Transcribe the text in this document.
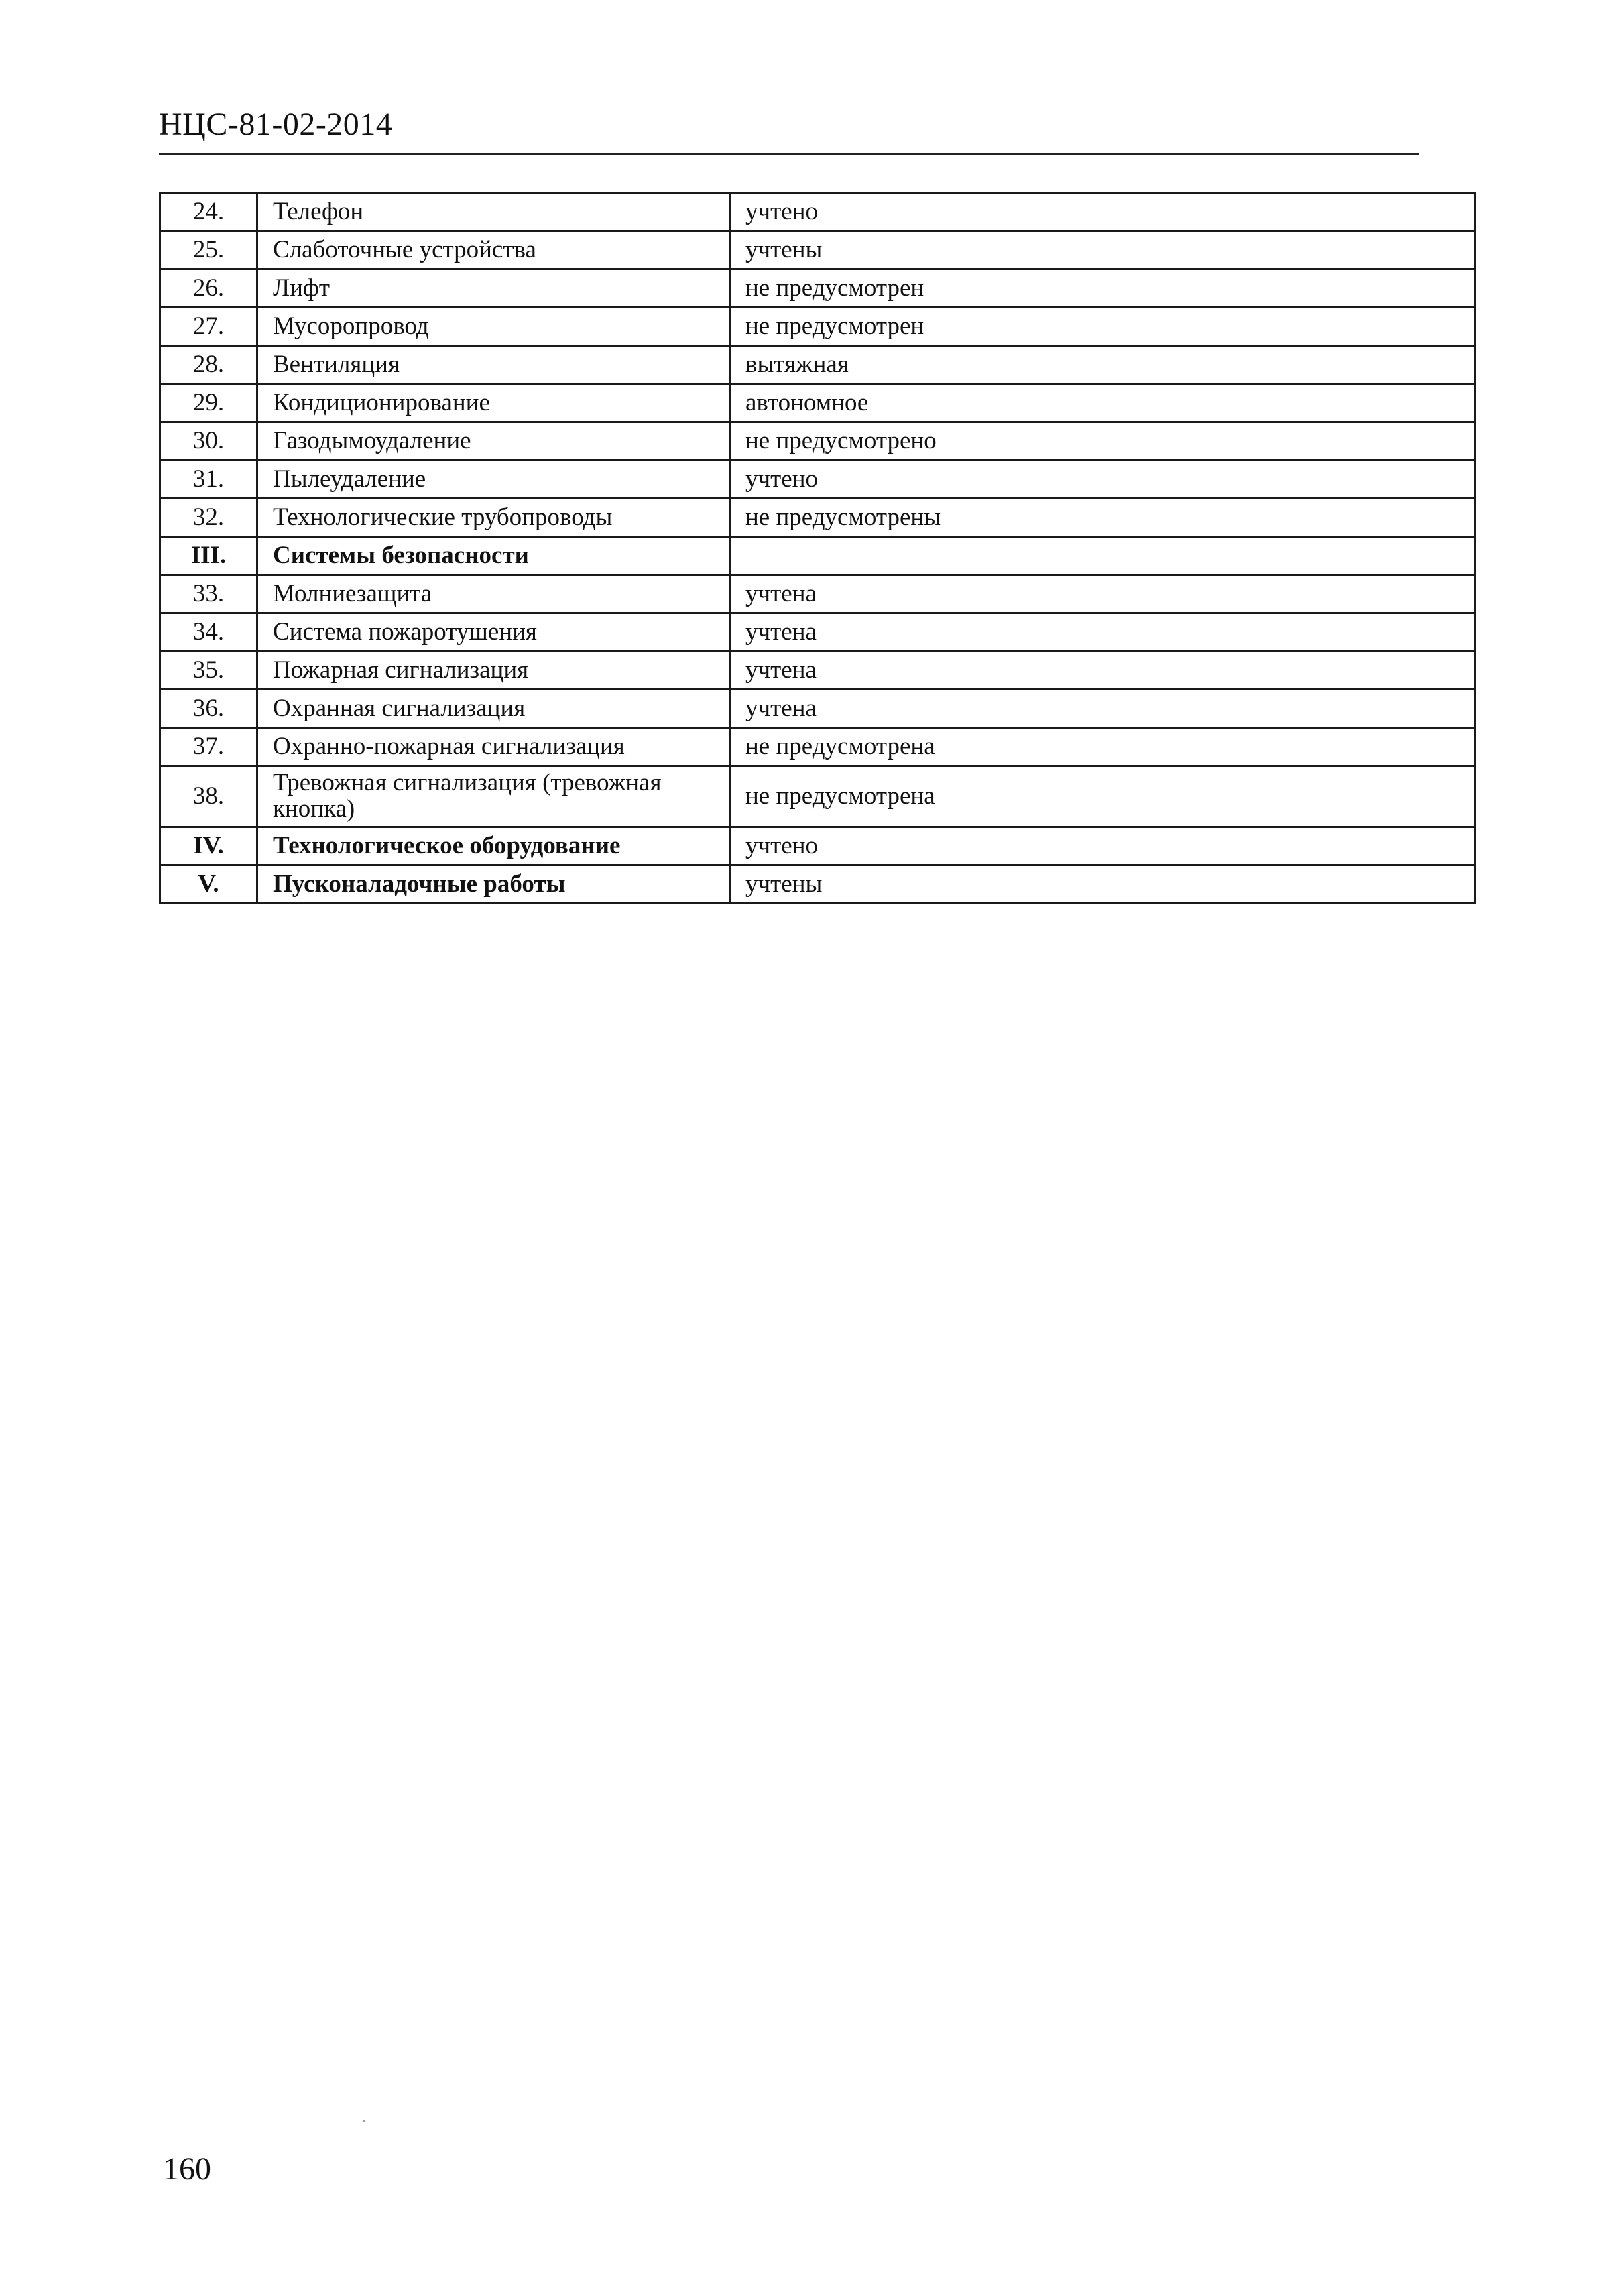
НЦС-81-02-2014
24.	Телефон	учтено
25.	Слаботочные устройства	учтены
26.	Лифт	не предусмотрен
27.	Мусоропровод	не предусмотрен
28.	Вентиляция	вытяжная
29.	Кондиционирование	автономное
30.	Газодымоудаление	не предусмотрено
31.	Пылеудаление	учтено
32.	Технологические трубопроводы	не предусмотрены
III.	Системы безопасности	
33.	Молниезащита	учтена
34.	Система пожаротушения	учтена
35.	Пожарная сигнализация	учтена
36.	Охранная сигнализация	учтена
37.	Охранно-пожарная сигнализация	не предусмотрена
38.	Тревожная сигнализация (тревожная кнопка)	не предусмотрена
IV.	Технологическое оборудование	учтено
V.	Пусконаладочные работы	учтены
160
